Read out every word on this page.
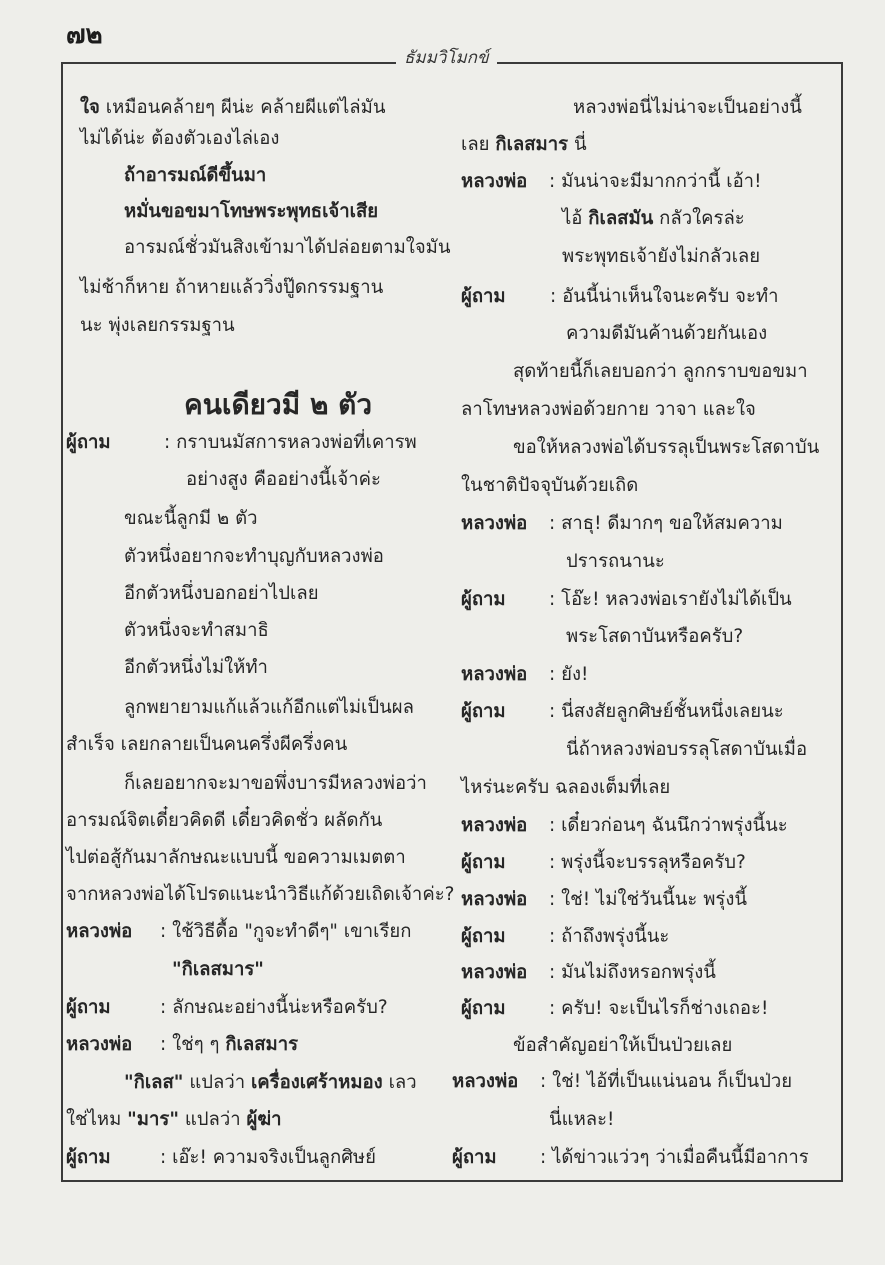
๗๒
ธัมมวิโมกข์
ใจ เหมือนคล้ายๆ ผีน่ะ คล้ายผีแต่ไล่มัน
ไม่ได้น่ะ ต้องตัวเองไล่เอง
ถ้าอารมณ์ดีขึ้นมา
หมั่นขอขมาโทษพระพุทธเจ้าเสีย
อารมณ์ชั่วมันสิงเข้ามาได้ปล่อยตามใจมัน
ไม่ช้าก็หาย ถ้าหายแล้ววิ่งปู๊ดกรรมฐาน
นะ พุ่งเลยกรรมฐาน
คนเดียวมี ๒ ตัว
ผู้ถาม	: กราบนมัสการหลวงพ่อที่เคารพ
อย่างสูง คืออย่างนี้เจ้าค่ะ
ขณะนี้ลูกมี ๒ ตัว
ตัวหนึ่งอยากจะทำบุญกับหลวงพ่อ
อีกตัวหนึ่งบอกอย่าไปเลย
ตัวหนึ่งจะทำสมาธิ
อีกตัวหนึ่งไม่ให้ทำ
ลูกพยายามแก้แล้วแก้อีกแต่ไม่เป็นผล
สำเร็จ เลยกลายเป็นคนครึ่งผีครึ่งคน
ก็เลยอยากจะมาขอพึ่งบารมีหลวงพ่อว่า
อารมณ์จิตเดี๋ยวคิดดี เดี๋ยวคิดชั่ว ผลัดกัน
ไปต่อสู้กันมาลักษณะแบบนี้ ขอความเมตตา
จากหลวงพ่อได้โปรดแนะนำวิธีแก้ด้วยเถิดเจ้าค่ะ?
หลวงพ่อ : ใช้วิธีดื้อ "กูจะทำดีๆ" เขาเรียก
"กิเลสมาร"
ผู้ถาม	: ลักษณะอย่างนี้น่ะหรือครับ?
หลวงพ่อ : ใช่ๆ ๆ กิเลสมาร
"กิเลส" แปลว่า เครื่องเศร้าหมอง เลว
ใช่ไหม "มาร" แปลว่า ผู้ฆ่า
ผู้ถาม	: เอ๊ะ! ความจริงเป็นลูกศิษย์
หลวงพ่อนี่ไม่น่าจะเป็นอย่างนี้
เลย กิเลสมาร นี่
หลวงพ่อ : มันน่าจะมีมากกว่านี้ เอ้า!
ไอ้ กิเลสมัน กลัวใครล่ะ
พระพุทธเจ้ายังไม่กลัวเลย
ผู้ถาม : อันนี้น่าเห็นใจนะครับ จะทำ
ความดีมันค้านด้วยกันเอง
สุดท้ายนี้ก็เลยบอกว่า ลูกกราบขอขมา
ลาโทษหลวงพ่อด้วยกาย วาจา และใจ
ขอให้หลวงพ่อได้บรรลุเป็นพระโสดาบัน
ในชาติปัจจุบันด้วยเถิด
หลวงพ่อ : สาธุ! ดีมากๆ ขอให้สมความ
ปรารถนานะ
ผู้ถาม : โอ๊ะ! หลวงพ่อเรายังไม่ได้เป็น
พระโสดาบันหรือครับ?
หลวงพ่อ : ยัง!
ผู้ถาม : นี่สงสัยลูกศิษย์ชั้นหนึ่งเลยนะ
นี่ถ้าหลวงพ่อบรรลุโสดาบันเมื่อ
ไหร่นะครับ ฉลองเต็มที่เลย
หลวงพ่อ : เดี๋ยวก่อนๆ ฉันนึกว่าพรุ่งนี้นะ
ผู้ถาม : พรุ่งนี้จะบรรลุหรือครับ?
หลวงพ่อ : ใช่! ไม่ใช่วันนี้นะ พรุ่งนี้
ผู้ถาม : ถ้าถึงพรุ่งนี้นะ
หลวงพ่อ : มันไม่ถึงหรอกพรุ่งนี้
ผู้ถาม : ครับ! จะเป็นไรก็ช่างเถอะ!
ข้อสำคัญอย่าให้เป็นป่วยเลย
หลวงพ่อ : ใช่! ไอ้ที่เป็นแน่นอน ก็เป็นป่วย
นี่แหละ!
ผู้ถาม : ได้ข่าวแว่วๆ ว่าเมื่อคืนนี้มีอาการ
